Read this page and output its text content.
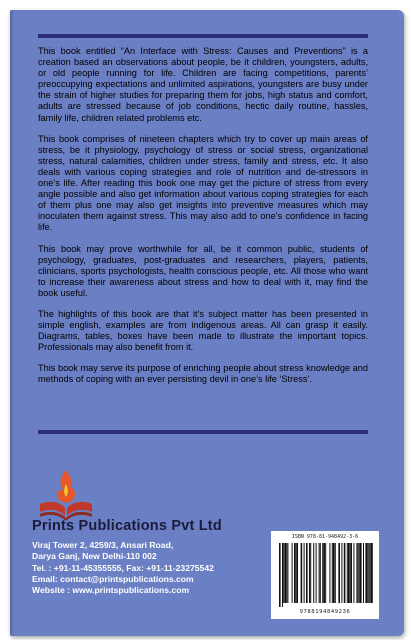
This book entitled “An Interface with Stress: Causes and Preventions” is a creation based an observations about people, be it children, youngsters, adults, or old people running for life. Children are facing competitions, parents’ preoccupying expectations and unlimited aspirations, youngsters are busy under the strain of higher studies for preparing them for jobs, high status and comfort, adults are stressed because of job conditions, hectic daily routine, hassles, family life, children related problems etc.

This book comprises of nineteen chapters which try to cover up main areas of stress, be it physiology, psychology of stress or social stress, organizational stress, natural calamities, children under stress, family and stress, etc. It also deals with various coping strategies and role of nutrition and de-stressors in one’s life. After reading this book one may get the picture of stress from every angle possible and also get information about various coping strategies for each of them plus one may also get insights into preventive measures which may inoculaten them against stress. This may also add to one’s confidence in facing life.

This book may prove worthwhile for all, be it common public, students of psychology, graduates, post-graduates and researchers, players, patients, clinicians, sports psychologists, health conscious people, etc. All those who want to increase their awareness about stress and how to deal with it, may find the book useful.

The highlights of this book are that it’s subject matter has been presented in simple english, examples are from indigenous areas. All can grasp it easily. Diagrams, tables, boxes have been made to illustrate the important topics. Professionals may also benefit from it.

This book may serve its purpose of enriching people about stress knowledge and methods of coping with an ever persisting devil in one’s life ‘Stress’.

Prints Publications Pvt Ltd
Viraj Tower 2, 4259/3, Ansari Road,
Darya Ganj, New Delhi-110 002
Tel. : +91-11-45355555, Fax: +91-11-23275542
Email: contact@printspublications.com
Website : www.printspublications.com
ISBN 978-81-948492-3-6
9788194849236
